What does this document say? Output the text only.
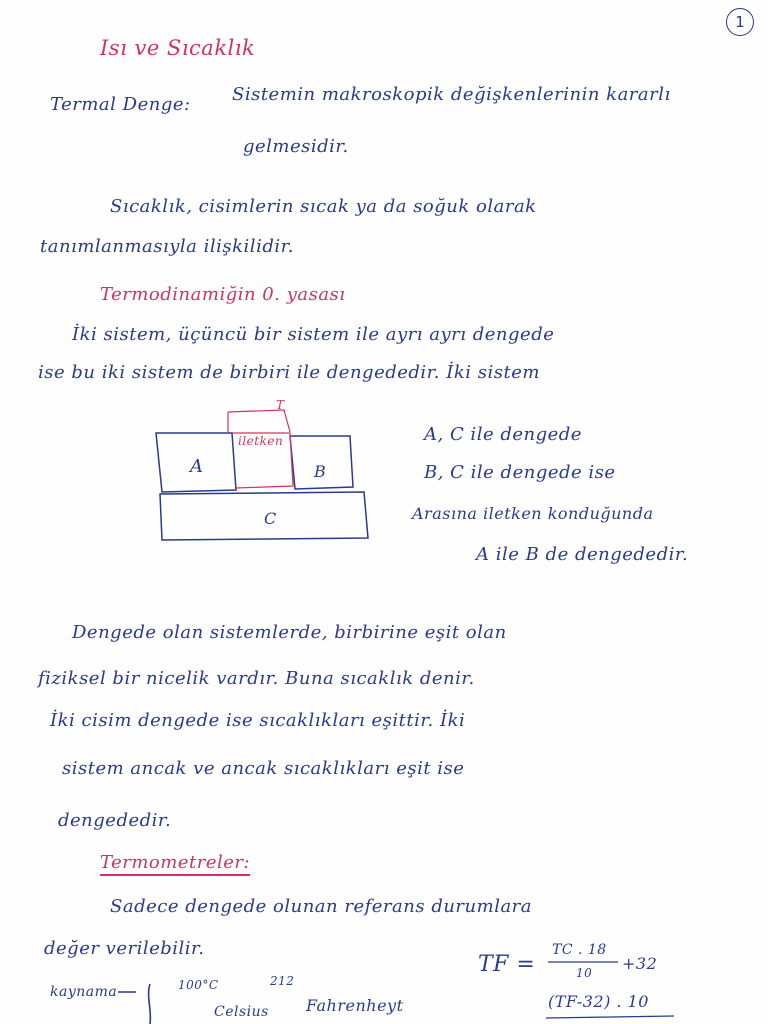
1
Isı ve Sıcaklık
Termal Denge: Sistemin makroskopik değişkenlerinin kararlı
gelmesidir.
Sıcaklık, cisimlerin sıcak ya da soğuk olarak
tanımlanmasıyla ilişkilidir.
Termodinamiğin 0. yasası
İki sistem, üçüncü bir sistem ile ayrı ayrı dengede
ise bu iki sistem de birbiri ile dengededir. İki sistem
A	B
C
iletken
T
A, C ile dengede
B, C ile dengede ise
Arasına iletken konduğunda
A ile B de dengededir.
Dengede olan sistemlerde, birbirine eşit olan
fiziksel bir nicelik vardır. Buna sıcaklık denir.
İki cisim dengede ise sıcaklıkları eşittir. İki
sistem ancak ve ancak sıcaklıkları eşit ise
dengededir.
Termometreler:
Sadece dengede olunan referans durumlara
değer verilebilir.
kaynama	100°C	212
Celsius Fahrenheyt
TF =
TC . 18
10 +32
(TF-32) . 10
